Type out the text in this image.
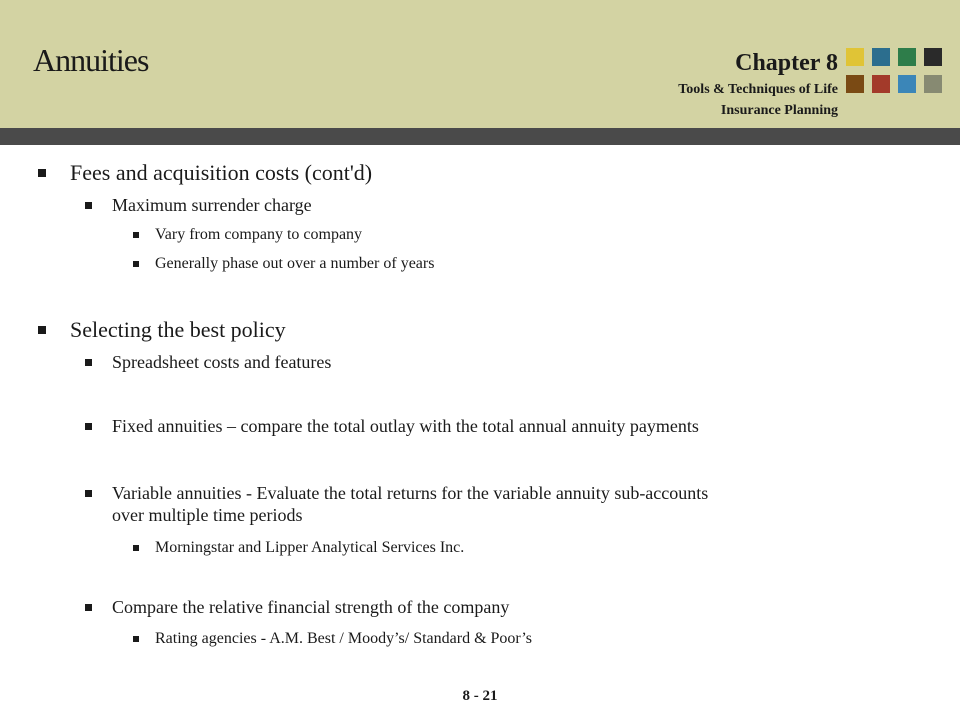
Annuities	Chapter 8
Tools & Techniques of Life
Insurance Planning
Fees and acquisition costs (cont'd)
Maximum surrender charge
Vary from company to company
Generally phase out over a number of years
Selecting the best policy
Spreadsheet costs and features
Fixed annuities – compare the total outlay with the total annual annuity payments
Variable annuities - Evaluate the total returns for the variable annuity sub-accounts
over multiple time periods
Morningstar and Lipper Analytical Services Inc.
Compare the relative financial strength of the company
Rating agencies - A.M. Best / Moody’s/ Standard & Poor’s
8 - 21
